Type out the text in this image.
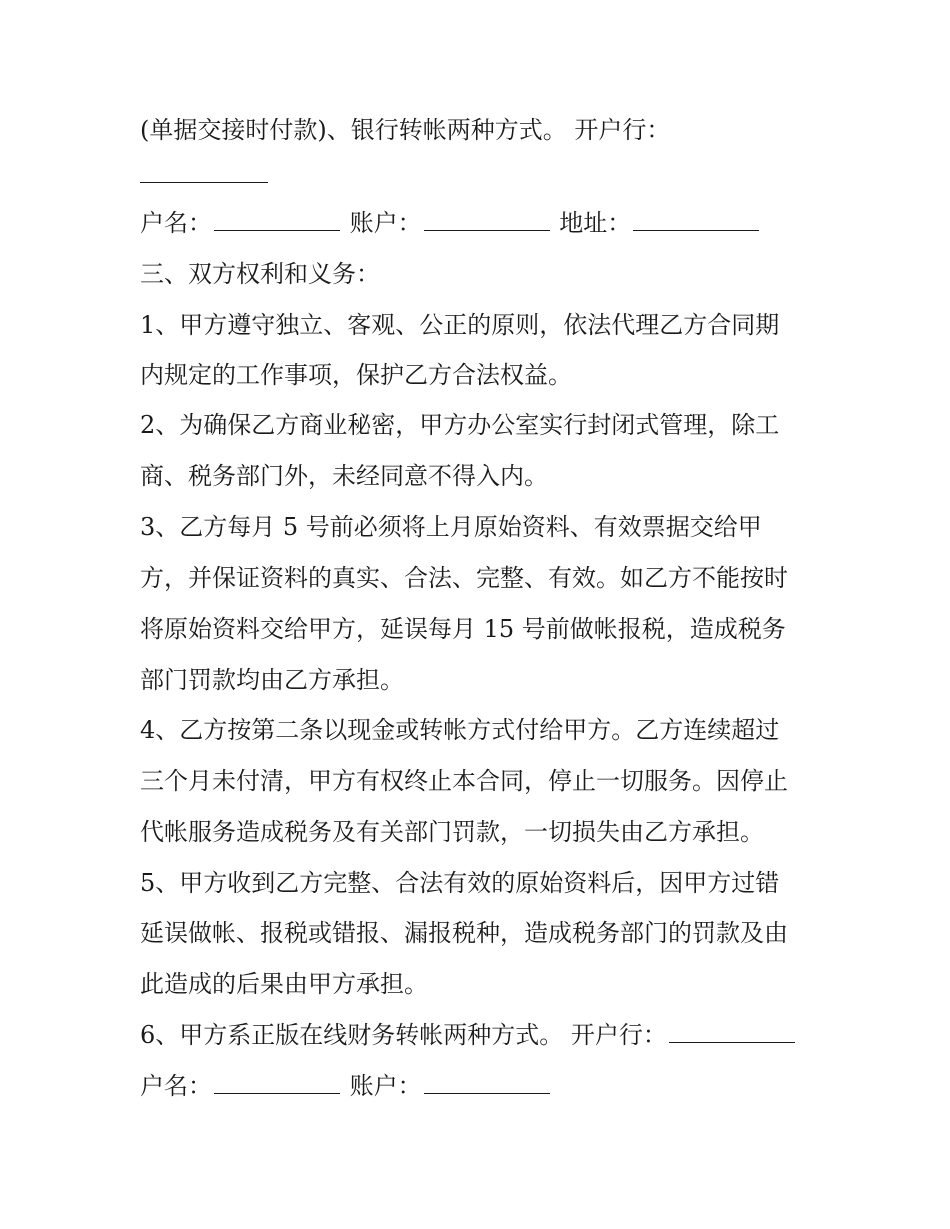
(单据交接时付款)、银行转帐两种方式。 开户行：
户名：	账户：	地址：
三、双方权利和义务：
1、甲方遵守独立、客观、公正的原则，依法代理乙方合同期
内规定的工作事项，保护乙方合法权益。
2、为确保乙方商业秘密，甲方办公室实行封闭式管理，除工
商、税务部门外，未经同意不得入内。
3、乙方每月 5 号前必须将上月原始资料、有效票据交给甲
方，并保证资料的真实、合法、完整、有效。如乙方不能按时
将原始资料交给甲方，延误每月 15 号前做帐报税，造成税务
部门罚款均由乙方承担。
4、乙方按第二条以现金或转帐方式付给甲方。乙方连续超过
三个月未付清，甲方有权终止本合同，停止一切服务。因停止
代帐服务造成税务及有关部门罚款，一切损失由乙方承担。
5、甲方收到乙方完整、合法有效的原始资料后，因甲方过错
延误做帐、报税或错报、漏报税种，造成税务部门的罚款及由
此造成的后果由甲方承担。
6、甲方系正版在线财务转帐两种方式。 开户行：
户名：	账户：
